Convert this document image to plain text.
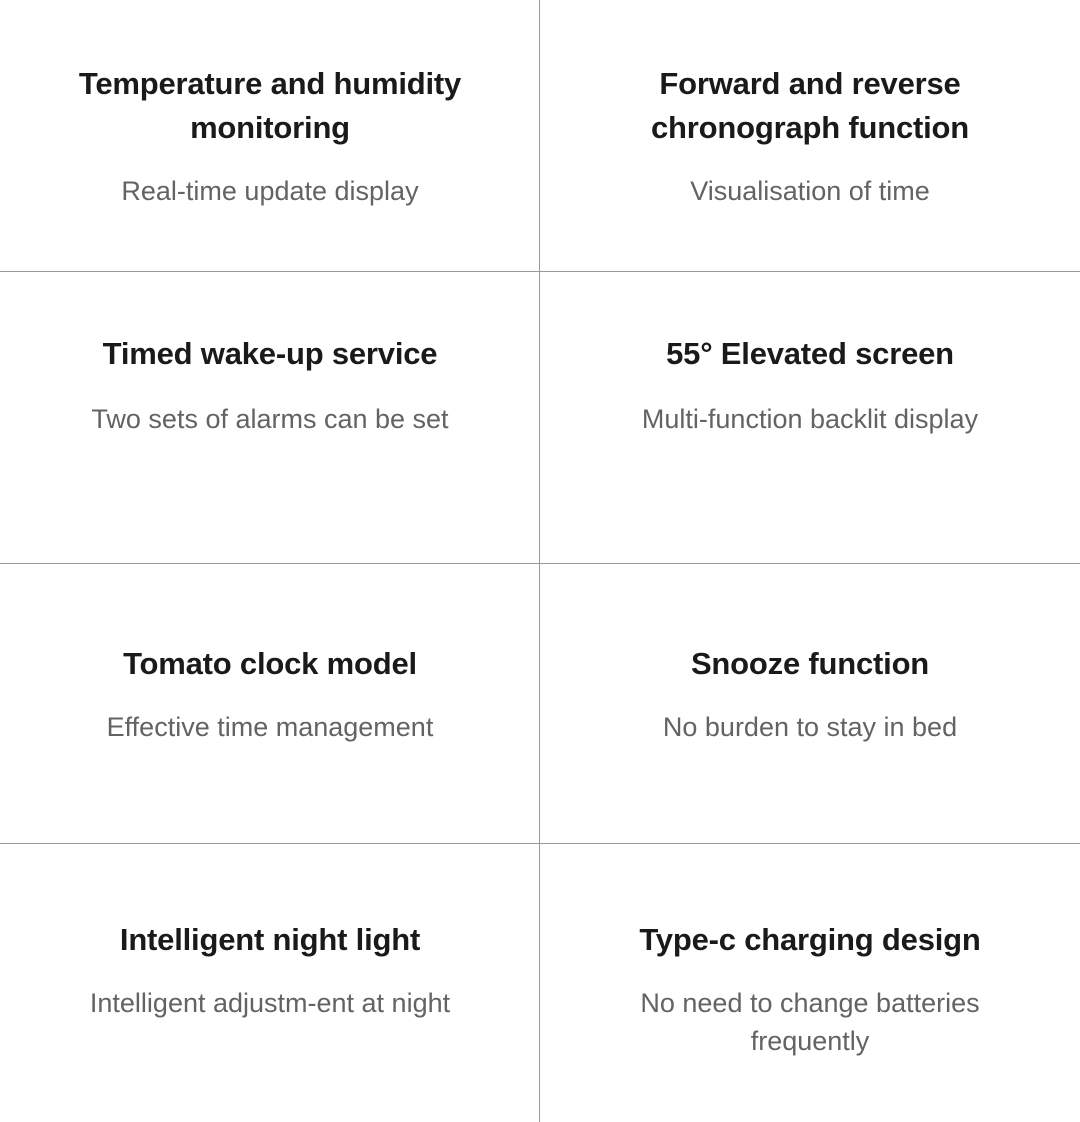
Temperature and humidity monitoring
Real-time update display
Forward and reverse chronograph function
Visualisation of time
Timed wake-up service
Two sets of alarms can be set
55° Elevated screen
Multi-function backlit display
Tomato clock model
Effective time management
Snooze function
No burden to stay in bed
Intelligent night light
Intelligent adjustm-ent at night
Type-c charging design
No need to change batteries frequently
